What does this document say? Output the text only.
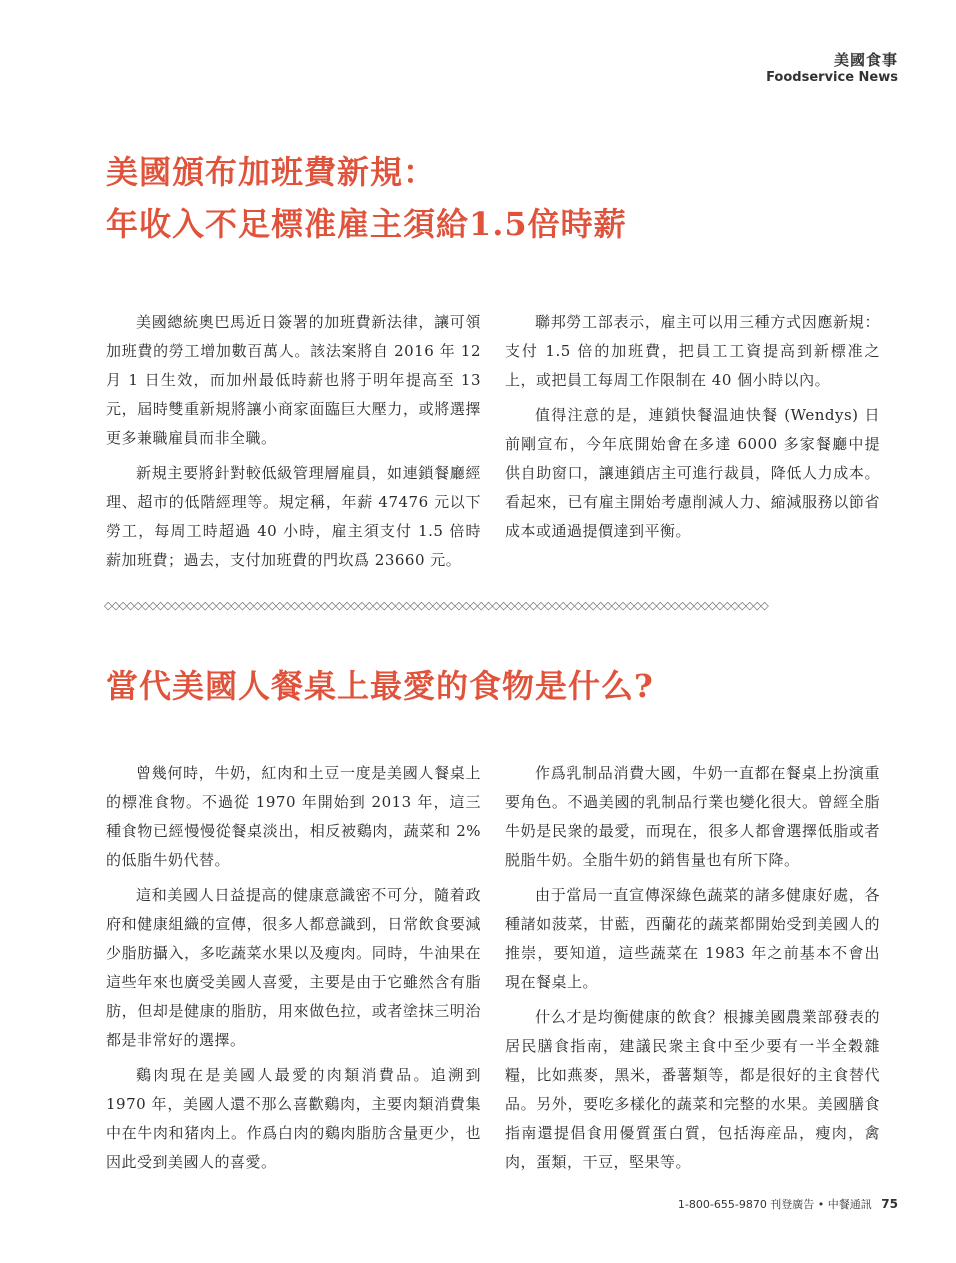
美國食事
Foodservice News
美國頒布加班費新規：
年收入不足標准雇主須給1.5倍時薪

美國總統奧巴馬近日簽署的加班費新法律，讓可領加班費的勞工增加數百萬人。該法案將自 2016 年 12 月 1 日生效，而加州最低時薪也將于明年提高至 13 元，屆時雙重新規將讓小商家面臨巨大壓力，或將選擇更多兼職雇員而非全職。

新規主要將針對較低級管理層雇員，如連鎖餐廳經理、超市的低階經理等。規定稱，年薪 47476 元以下勞工，每周工時超過 40 小時，雇主須支付 1.5 倍時薪加班費；過去，支付加班費的門坎爲 23660 元。

聯邦勞工部表示，雇主可以用三種方式因應新規：支付 1.5 倍的加班費，把員工工資提高到新標准之上，或把員工每周工作限制在 40 個小時以內。

值得注意的是，連鎖快餐温迪快餐 (Wendys) 日前剛宣布，今年底開始會在多達 6000 多家餐廳中提供自助窗口，讓連鎖店主可進行裁員，降低人力成本。看起來，已有雇主開始考慮削減人力、縮減服務以節省成本或通過提價達到平衡。

◇◇◇◇◇◇◇◇◇◇◇◇◇◇◇◇◇◇◇◇◇◇◇◇◇◇◇◇◇◇◇◇◇◇◇◇◇◇◇◇◇◇◇◇◇◇◇◇◇◇◇◇◇◇◇◇◇◇◇◇◇◇◇◇◇◇◇◇◇◇◇◇◇◇◇◇◇◇◇◇◇◇◇◇◇◇◇◇◇
當代美國人餐桌上最愛的食物是什么?

曾幾何時，牛奶，紅肉和土豆一度是美國人餐桌上的標准食物。不過從 1970 年開始到 2013 年，這三種食物已經慢慢從餐桌淡出，相反被鷄肉，蔬菜和 2% 的低脂牛奶代替。

這和美國人日益提高的健康意識密不可分，隨着政府和健康組織的宣傳，很多人都意識到，日常飲食要減少脂肪攝入，多吃蔬菜水果以及瘦肉。同時，牛油果在這些年來也廣受美國人喜愛，主要是由于它雖然含有脂肪，但却是健康的脂肪，用來做色拉，或者塗抹三明治都是非常好的選擇。

鷄肉現在是美國人最愛的肉類消費品。追溯到 1970 年，美國人還不那么喜歡鷄肉，主要肉類消費集中在牛肉和猪肉上。作爲白肉的鷄肉脂肪含量更少，也因此受到美國人的喜愛。

作爲乳制品消費大國，牛奶一直都在餐桌上扮演重要角色。不過美國的乳制品行業也變化很大。曾經全脂牛奶是民衆的最愛，而現在，很多人都會選擇低脂或者脱脂牛奶。全脂牛奶的銷售量也有所下降。

由于當局一直宣傳深綠色蔬菜的諸多健康好處，各種諸如菠菜，甘藍，西蘭花的蔬菜都開始受到美國人的推崇，要知道，這些蔬菜在 1983 年之前基本不會出現在餐桌上。

什么才是均衡健康的飲食？根據美國農業部發表的居民膳食指南，建議民衆主食中至少要有一半全穀雜糧，比如燕麥，黑米，番薯類等，都是很好的主食替代品。另外，要吃多樣化的蔬菜和完整的水果。美國膳食指南還提倡食用優質蛋白質，包括海産品，瘦肉，禽肉，蛋類，干豆，堅果等。

1-800-655-9870 刊登廣告 • 中餐通訊 75
